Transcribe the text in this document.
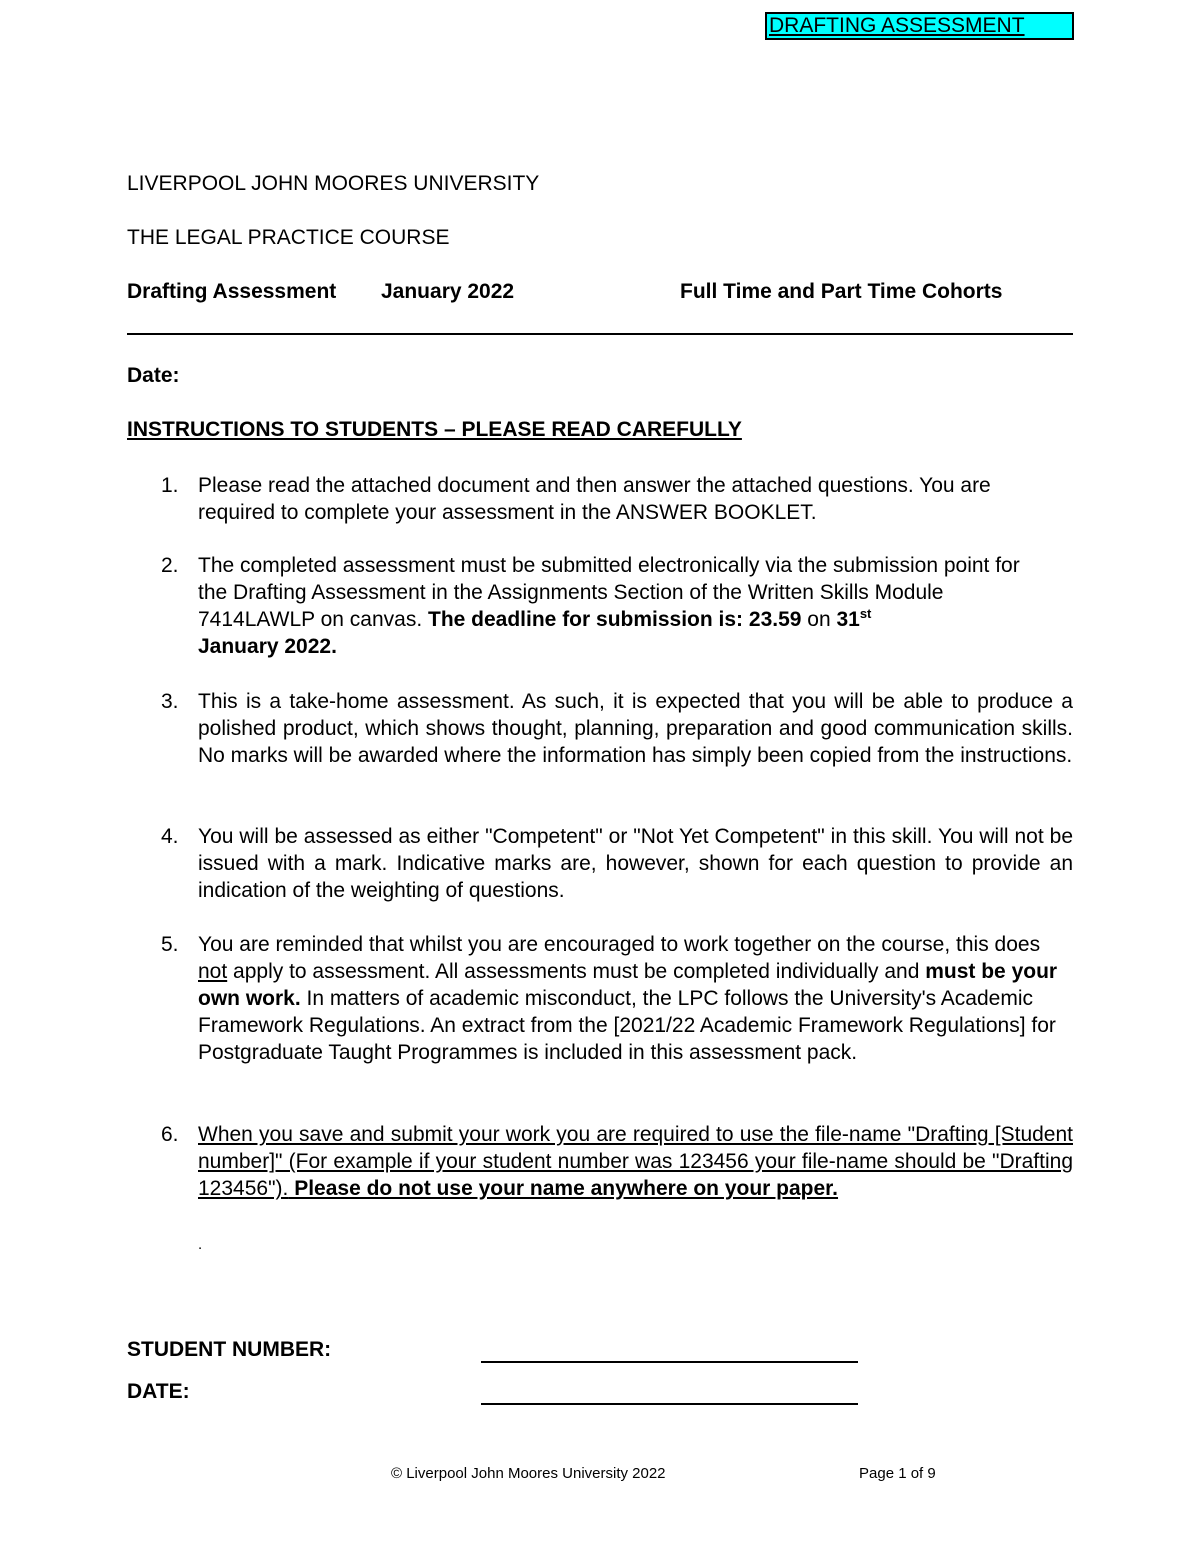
DRAFTING ASSESSMENT
LIVERPOOL JOHN MOORES UNIVERSITY
THE LEGAL PRACTICE COURSE
Drafting Assessment January 2022	Full Time and Part Time Cohorts
Date:
INSTRUCTIONS TO STUDENTS – PLEASE READ CAREFULLY
1. Please read the attached document and then answer the attached questions. You are required to complete your assessment in the ANSWER BOOKLET.
2. The completed assessment must be submitted electronically via the submission point for the Drafting Assessment in the Assignments Section of the Written Skills Module 7414LAWLP on canvas. The deadline for submission is: 23.59 on 31st
January 2022.
3. This is a take-home assessment. As such, it is expected that you will be able to produce a polished product, which shows thought, planning, preparation and good communication skills. No marks will be awarded where the information has simply been copied from the instructions.
4. You will be assessed as either "Competent" or "Not Yet Competent" in this skill. You will not be issued with a mark. Indicative marks are, however, shown for each question to provide an indication of the weighting of questions.
5. You are reminded that whilst you are encouraged to work together on the course, this does not apply to assessment. All assessments must be completed individually and must be your own work. In matters of academic misconduct, the LPC follows the University's Academic Framework Regulations. An extract from the [2021/22 Academic Framework Regulations] for Postgraduate Taught Programmes is included in this assessment pack.
6. When you save and submit your work you are required to use the file-name "Drafting [Student number]" (For example if your student number was 123456 your file-name should be "Drafting 123456"). Please do not use your name anywhere on your paper.
.
STUDENT NUMBER:
DATE:
© Liverpool John Moores University 2022	Page 1 of 9
